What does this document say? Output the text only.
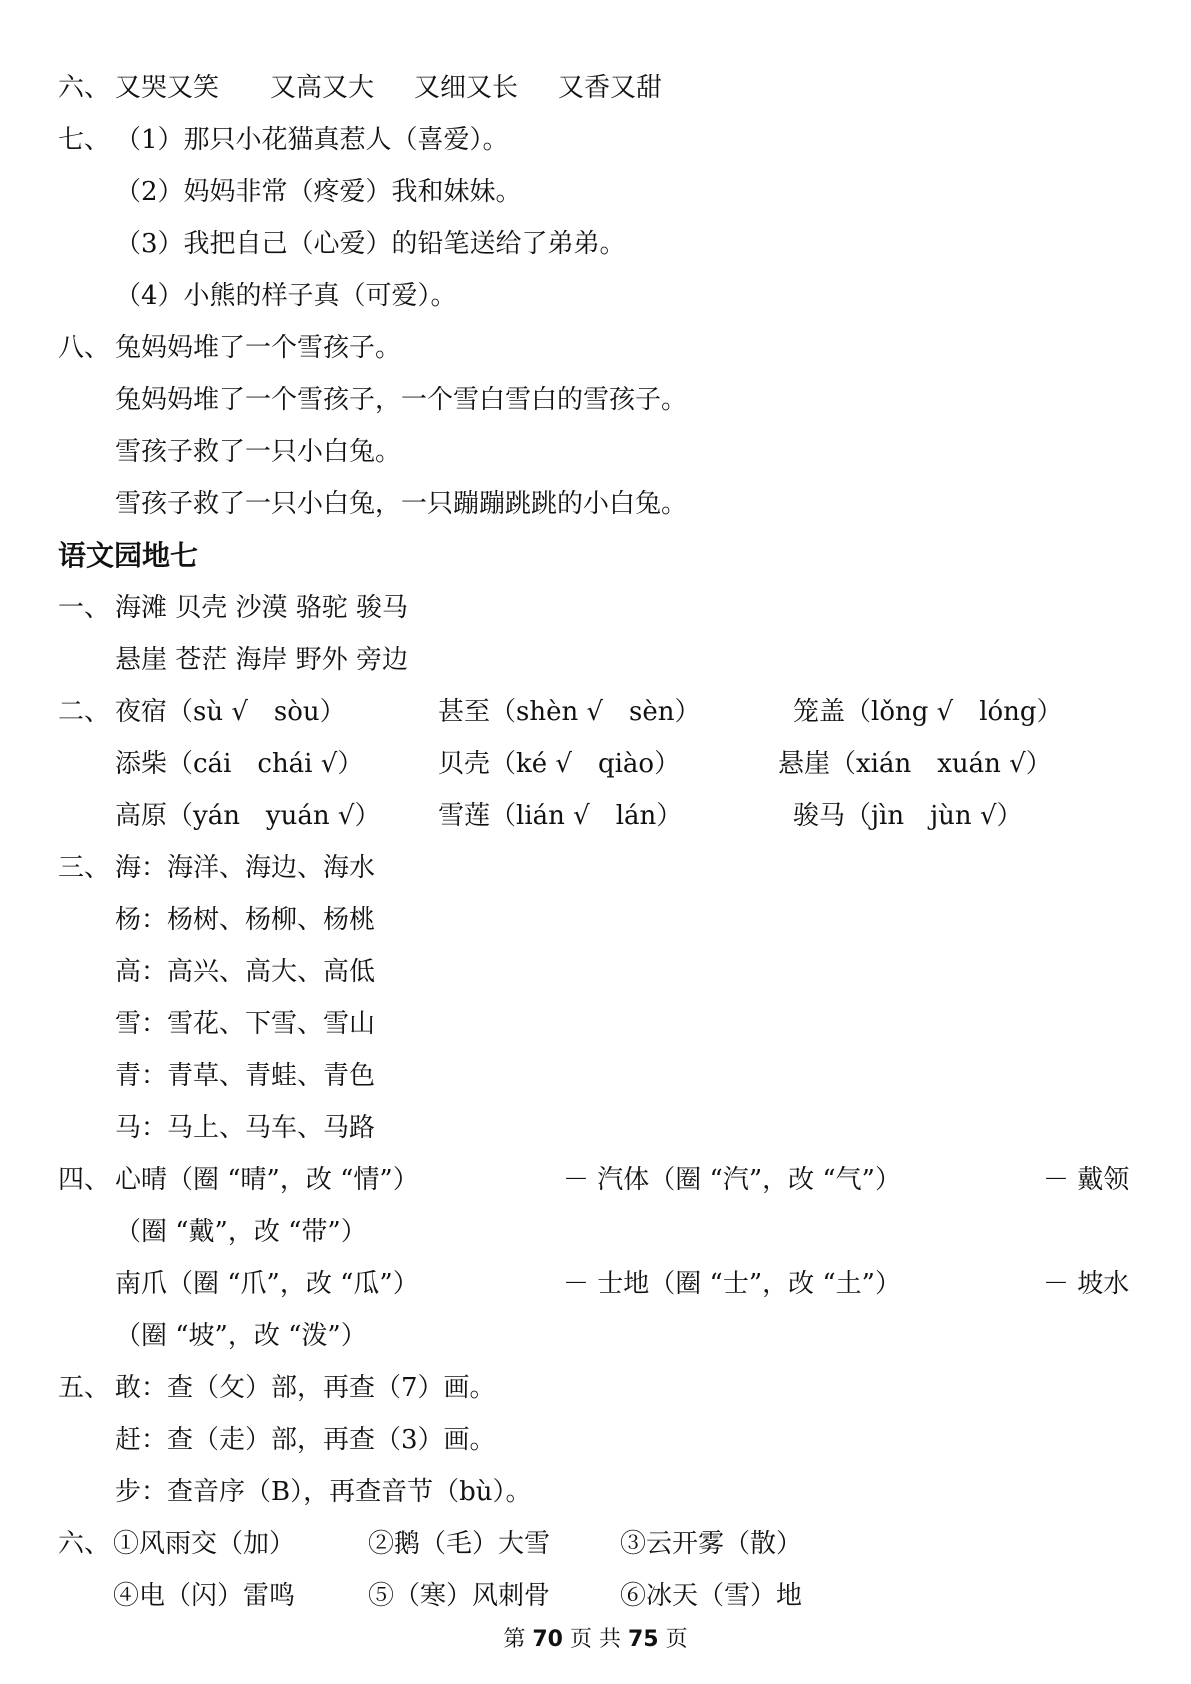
六、 又哭又笑 又高又大 又细又长 又香又甜
七、 （1）那只小花猫真惹人（喜爱）。
（2）妈妈非常（疼爱）我和妹妹。
（3）我把自己（心爱）的铅笔送给了弟弟。
（4）小熊的样子真（可爱）。
八、 兔妈妈堆了一个雪孩子。
兔妈妈堆了一个雪孩子，一个雪白雪白的雪孩子。
雪孩子救了一只小白兔。
雪孩子救了一只小白兔，一只蹦蹦跳跳的小白兔。
语文园地七
一、 海滩 贝壳 沙漠 骆驼 骏马
悬崖 苍茫 海岸 野外 旁边
二、 夜宿（sù √　sòu）	甚至（shèn √　sèn）	笼盖（lǒng √　lóng）
添柴（cái　chái √）	贝壳（ké √　qiào）	悬崖（xián　xuán √）
高原（yán　yuán √） 雪莲（lián √　lán）	骏马（jìn　jùn √）
三、 海：海洋、海边、海水
杨：杨树、杨柳、杨桃
高：高兴、高大、高低
雪：雪花、下雪、雪山
青：青草、青蛙、青色
马：马上、马车、马路
四、 心晴（圈 “晴”，改 “情”）	－ 汽体（圈 “汽”，改 “气”）	－ 戴领
（圈 “戴”，改 “带”）
南爪（圈 “爪”，改 “瓜”）	－ 士地（圈 “士”，改 “土”）	－ 坡水
（圈 “坡”，改 “泼”）
五、 敢：查（攵）部，再查（7）画。
赶：查（走）部，再查（3）画。
步：查音序（B），再查音节（bù）。
六、 ①风雨交（加）	②鹅（毛）大雪	③云开雾（散）
④电（闪）雷鸣	⑤（寒）风刺骨	⑥冰天（雪）地
第 70 页 共 75 页
